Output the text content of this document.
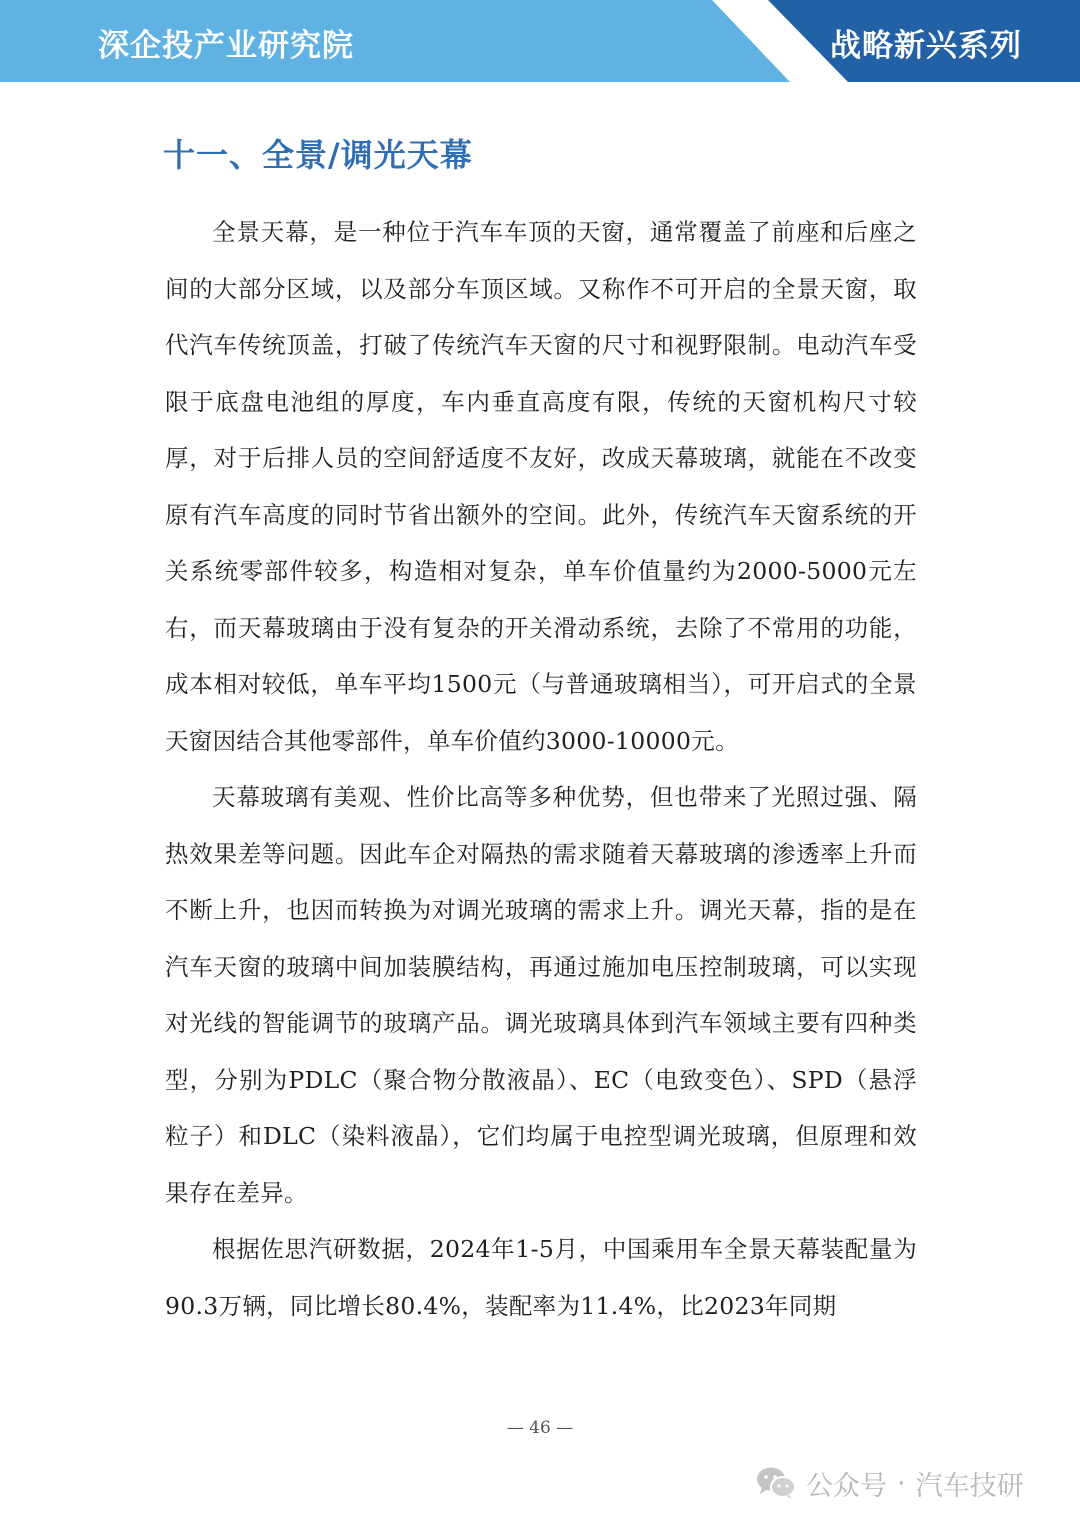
深企投产业研究院	战略新兴系列
十一、全景/调光天幕

全景天幕，是一种位于汽车车顶的天窗，通常覆盖了前座和后座之间的大部分区域，以及部分车顶区域。又称作不可开启的全景天窗，取代汽车传统顶盖，打破了传统汽车天窗的尺寸和视野限制。电动汽车受限于底盘电池组的厚度，车内垂直高度有限，传统的天窗机构尺寸较厚，对于后排人员的空间舒适度不友好，改成天幕玻璃，就能在不改变原有汽车高度的同时节省出额外的空间。此外，传统汽车天窗系统的开关系统零部件较多，构造相对复杂，单车价值量约为2000-5000元左右，而天幕玻璃由于没有复杂的开关滑动系统，去除了不常用的功能，成本相对较低，单车平均1500元（与普通玻璃相当），可开启式的全景天窗因结合其他零部件，单车价值约3000-10000元。

天幕玻璃有美观、性价比高等多种优势，但也带来了光照过强、隔热效果差等问题。因此车企对隔热的需求随着天幕玻璃的渗透率上升而不断上升，也因而转换为对调光玻璃的需求上升。调光天幕，指的是在汽车天窗的玻璃中间加装膜结构，再通过施加电压控制玻璃，可以实现对光线的智能调节的玻璃产品。调光玻璃具体到汽车领域主要有四种类型，分别为PDLC（聚合物分散液晶）、EC（电致变色）、SPD（悬浮粒子）和DLC（染料液晶），它们均属于电控型调光玻璃，但原理和效果存在差异。

根据佐思汽研数据，2024年1-5月，中国乘用车全景天幕装配量为90.3万辆，同比增长80.4%，装配率为11.4%，比2023年同期

— 46 —
公众号 · 汽车技研
